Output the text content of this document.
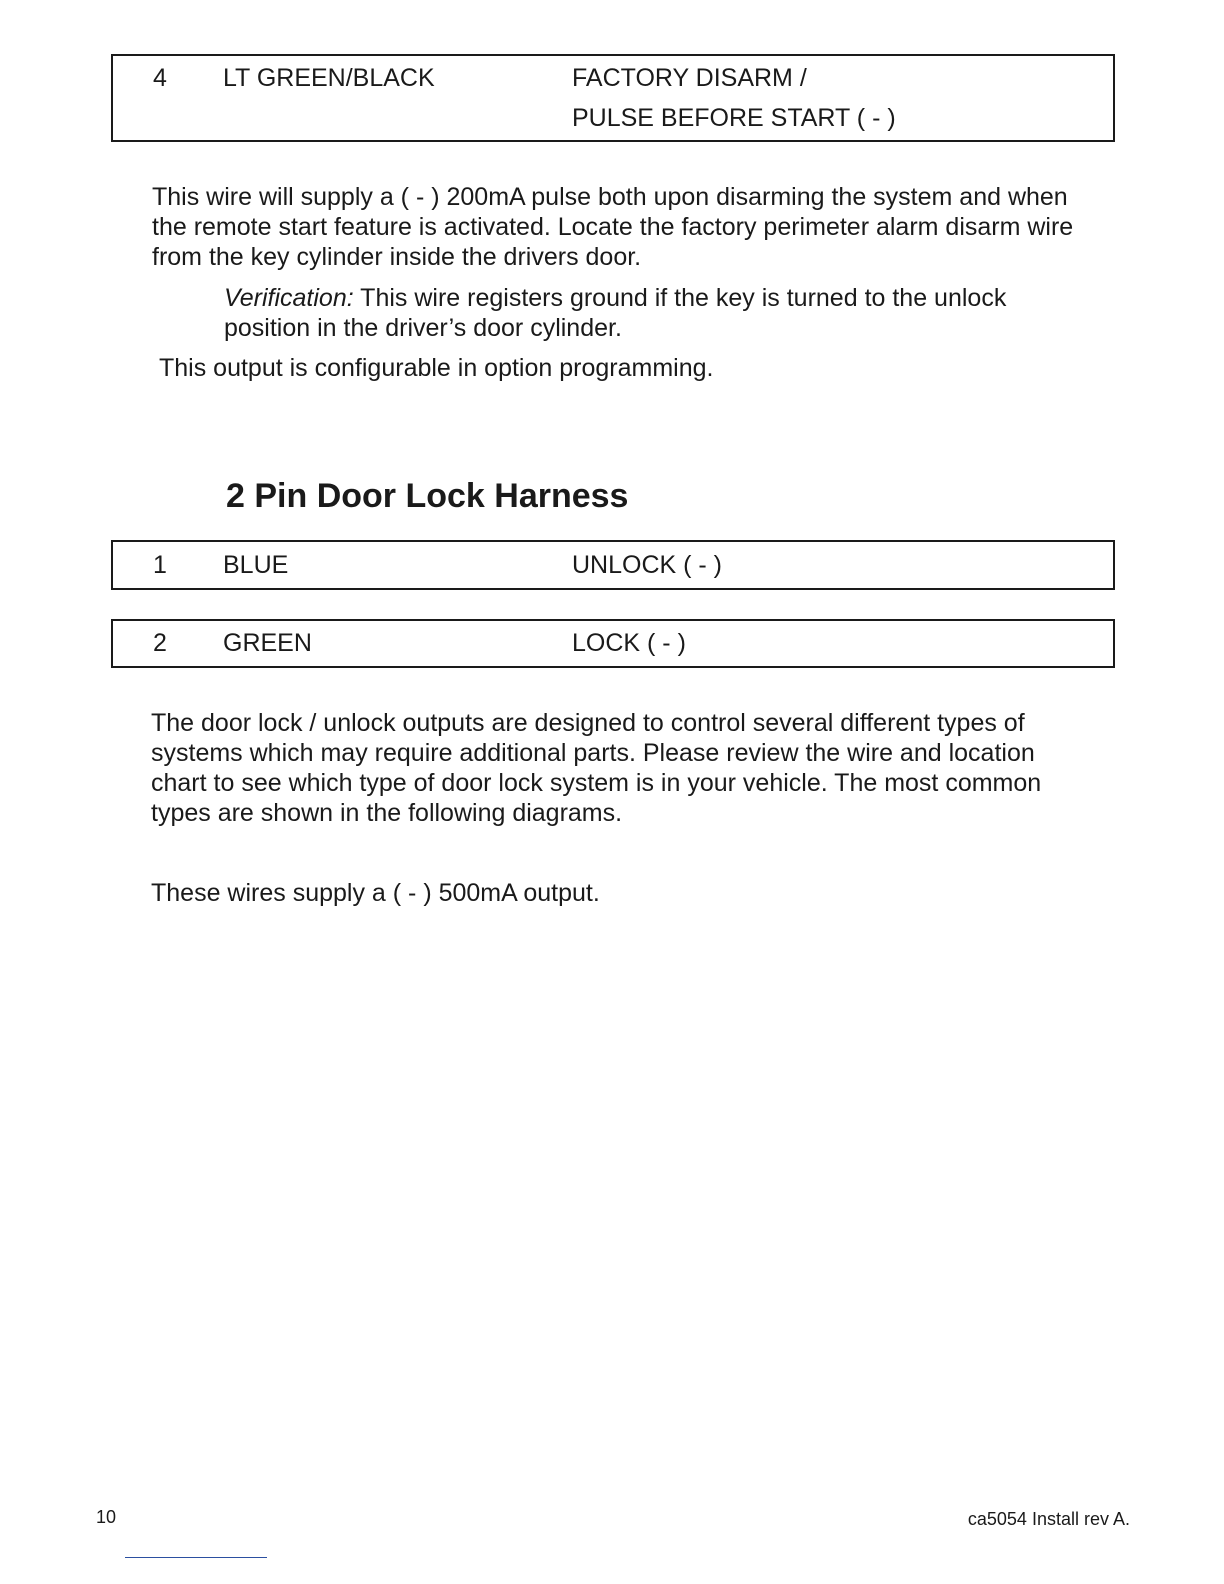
4 LT GREEN/BLACK	FACTORY DISARM /
PULSE BEFORE START ( - )
This wire will supply a ( - ) 200mA pulse both upon disarming the system and when
the remote start feature is activated. Locate the factory perimeter alarm disarm wire
from the key cylinder inside the drivers door.
Verification: This wire registers ground if the key is turned to the unlock
position in the driver’s door cylinder.
This output is configurable in option programming.
2 Pin Door Lock Harness
1 BLUE	UNLOCK ( - )
2 GREEN	LOCK ( - )
The door lock / unlock outputs are designed to control several different types of
systems which may require additional parts. Please review the wire and location
chart to see which type of door lock system is in your vehicle. The most common
types are shown in the following diagrams.
These wires supply a ( - ) 500mA output.
10	ca5054 Install rev A.
